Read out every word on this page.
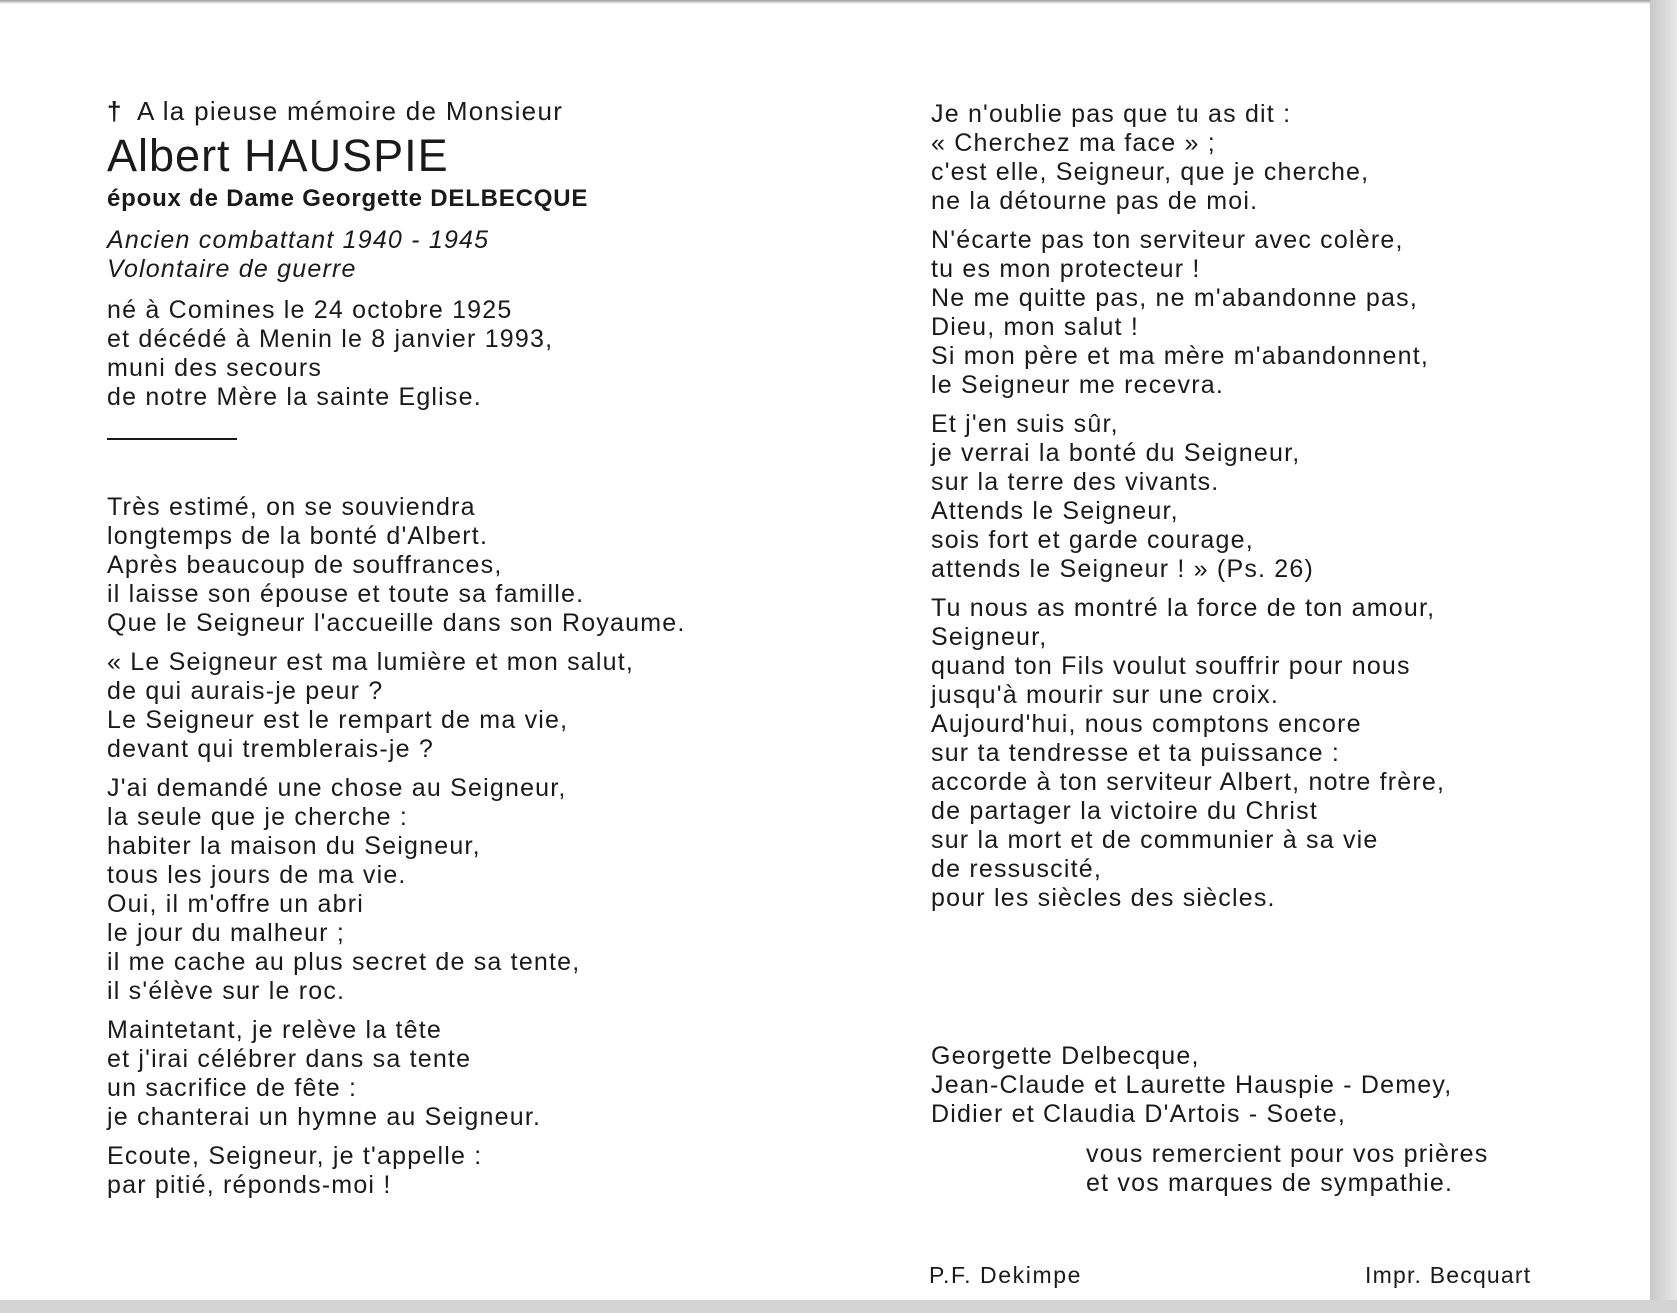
† A la pieuse mémoire de Monsieur
Albert HAUSPIE
époux de Dame Georgette DELBECQUE
Ancien combattant 1940 - 1945
Volontaire de guerre
né à Comines le 24 octobre 1925
et décédé à Menin le 8 janvier 1993,
muni des secours
de notre Mère la sainte Eglise.
Très estimé, on se souviendra
longtemps de la bonté d'Albert.
Après beaucoup de souffrances,
il laisse son épouse et toute sa famille.
Que le Seigneur l'accueille dans son Royaume.
« Le Seigneur est ma lumière et mon salut,
de qui aurais-je peur ?
Le Seigneur est le rempart de ma vie,
devant qui tremblerais-je ?
J'ai demandé une chose au Seigneur,
la seule que je cherche :
habiter la maison du Seigneur,
tous les jours de ma vie.
Oui, il m'offre un abri
le jour du malheur ;
il me cache au plus secret de sa tente,
il s'élève sur le roc.
Maintetant, je relève la tête
et j'irai célébrer dans sa tente
un sacrifice de fête :
je chanterai un hymne au Seigneur.
Ecoute, Seigneur, je t'appelle :
par pitié, réponds-moi !
Je n'oublie pas que tu as dit :
« Cherchez ma face » ;
c'est elle, Seigneur, que je cherche,
ne la détourne pas de moi.
N'écarte pas ton serviteur avec colère,
tu es mon protecteur !
Ne me quitte pas, ne m'abandonne pas,
Dieu, mon salut !
Si mon père et ma mère m'abandonnent,
le Seigneur me recevra.
Et j'en suis sûr,
je verrai la bonté du Seigneur,
sur la terre des vivants.
Attends le Seigneur,
sois fort et garde courage,
attends le Seigneur ! » (Ps. 26)
Tu nous as montré la force de ton amour,
Seigneur,
quand ton Fils voulut souffrir pour nous
jusqu'à mourir sur une croix.
Aujourd'hui, nous comptons encore
sur ta tendresse et ta puissance :
accorde à ton serviteur Albert, notre frère,
de partager la victoire du Christ
sur la mort et de communier à sa vie
de ressuscité,
pour les siècles des siècles.
Georgette Delbecque,
Jean-Claude et Laurette Hauspie - Demey,
Didier et Claudia D'Artois - Soete,
vous remercient pour vos prières
et vos marques de sympathie.
P.F. Dekimpe	Impr. Becquart
